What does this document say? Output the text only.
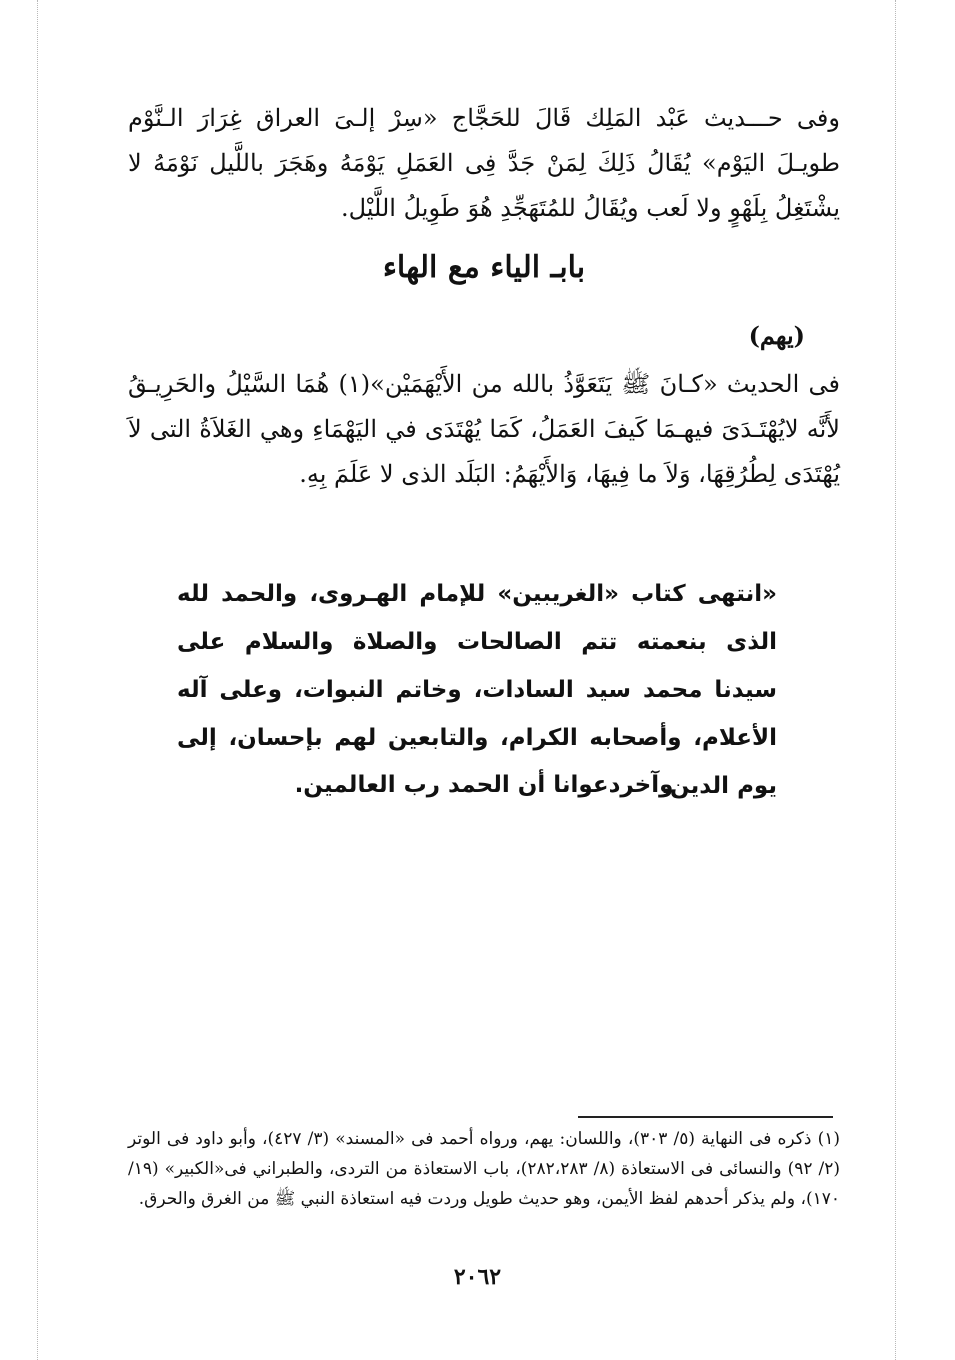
وفى حـــديث عَبْد المَلِك قَالَ للحَجَّاج «سِرْ إلـىَ العراق غِرَارَ الـنَّوْم طويـلَ اليَوْم» يُقَالُ ذَلِكَ لِمَنْ جَدَّ فِى العَمَلِ يَوْمَهُ وهَجَرَ باللَّيل نَوْمَهُ لا يشْتَغِلُ بِلَهْوٍ ولا لَعب ويُقَالُ للمُتَهَجِّدِ هُوَ طَوِيلُ اللَّيْل.

بابـ الياء مع الهاء
(يهم)

فى الحديث «كـانَ ﷺ يَتَعَوَّذُ بالله من الأَيْهَمَيْن»(١) هُمَا السَّيْلُ والحَرِيـقُ لأَنَّه لايُهْتَـدَىَ فيهـمَا كَيفَ العَمَلُ، كَمَا يُهْتَدَى في اليَهْمَاءِ وهي الغَلاَةُ التى لاَ يُهْتَدَى لِطُرُقِهَا، وَلاَ ما فِيهَا، وَالأَيْهَمُ: البَلَد الذى لا عَلَمَ بِهِ.

«انتهى كتاب «الغريبين» للإمام الهـروى، والحمد لله الذى بنعمته تتم الصالحات والصلاة والسلام على سيدنا محمد سيد السادات، وخاتم النبوات، وعلى آله الأعلام، وأصحابه الكرام، والتابعين لهم بإحسان، إلى يوم الدين.

وآخردعوانا أن الحمد رب العالمين.

(١) ذكره فى النهاية (٥/ ٣٠٣)، واللسان: يهم، ورواه أحمد فى «المسند» (٣/ ٤٢٧)، وأبو داود فى الوتر (٢/ ٩٢) والنسائى فى الاستعاذة (٨/ ٢٨٢،٢٨٣)، باب الاستعاذة من التردى، والطبراني فى«الكبير» (١٩/ ١٧٠)، ولم يذكر أحدهم لفظ الأيمن، وهو حديث طويل وردت فيه استعاذة النبي ﷺ من الغرق والحرق.

٢٠٦٢
